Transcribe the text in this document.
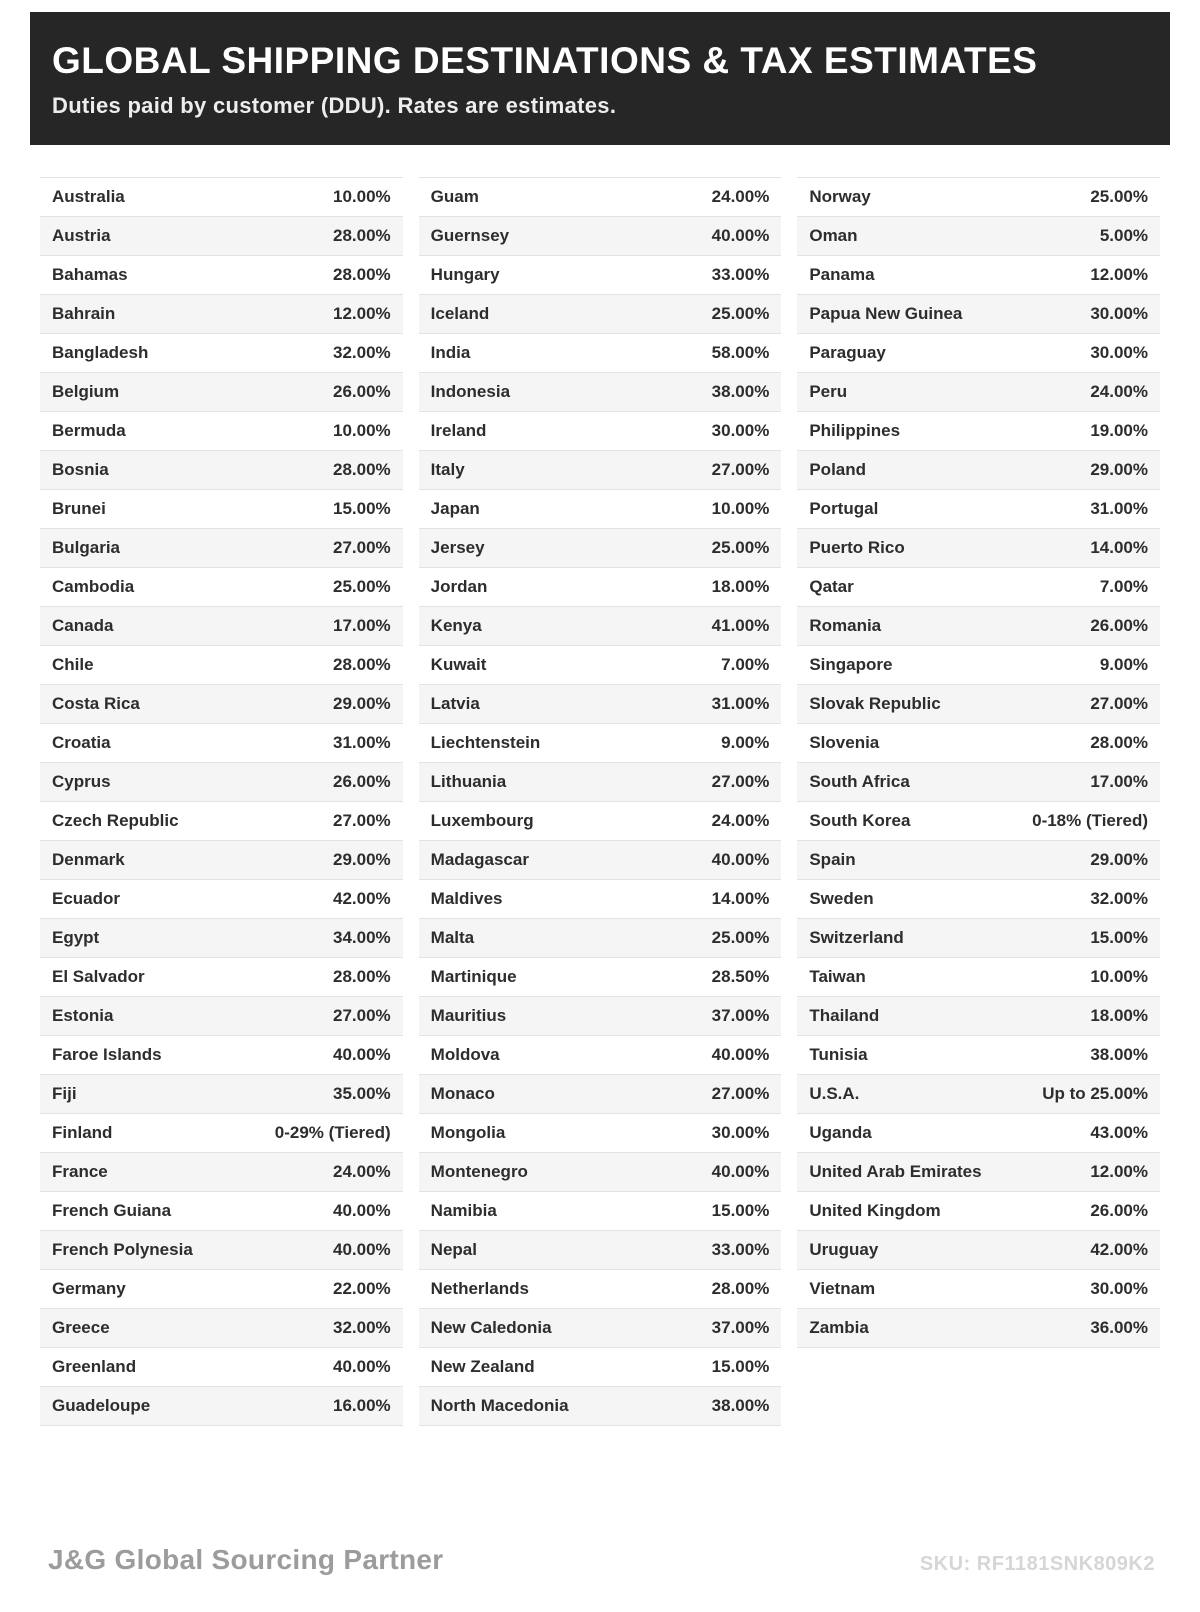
GLOBAL SHIPPING DESTINATIONS & TAX ESTIMATES
Duties paid by customer (DDU). Rates are estimates.
Australia	10.00%
Austria	28.00%
Bahamas	28.00%
Bahrain	12.00%
Bangladesh	32.00%
Belgium	26.00%
Bermuda	10.00%
Bosnia	28.00%
Brunei	15.00%
Bulgaria	27.00%
Cambodia	25.00%
Canada	17.00%
Chile	28.00%
Costa Rica	29.00%
Croatia	31.00%
Cyprus	26.00%
Czech Republic	27.00%
Denmark	29.00%
Ecuador	42.00%
Egypt	34.00%
El Salvador	28.00%
Estonia	27.00%
Faroe Islands	40.00%
Fiji	35.00%
Finland	0-29% (Tiered)
France	24.00%
French Guiana	40.00%
French Polynesia	40.00%
Germany	22.00%
Greece	32.00%
Greenland	40.00%
Guadeloupe	16.00%
Guam	24.00%
Guernsey	40.00%
Hungary	33.00%
Iceland	25.00%
India	58.00%
Indonesia	38.00%
Ireland	30.00%
Italy	27.00%
Japan	10.00%
Jersey	25.00%
Jordan	18.00%
Kenya	41.00%
Kuwait	7.00%
Latvia	31.00%
Liechtenstein	9.00%
Lithuania	27.00%
Luxembourg	24.00%
Madagascar	40.00%
Maldives	14.00%
Malta	25.00%
Martinique	28.50%
Mauritius	37.00%
Moldova	40.00%
Monaco	27.00%
Mongolia	30.00%
Montenegro	40.00%
Namibia	15.00%
Nepal	33.00%
Netherlands	28.00%
New Caledonia	37.00%
New Zealand	15.00%
North Macedonia	38.00%
Norway	25.00%
Oman	5.00%
Panama	12.00%
Papua New Guinea	30.00%
Paraguay	30.00%
Peru	24.00%
Philippines	19.00%
Poland	29.00%
Portugal	31.00%
Puerto Rico	14.00%
Qatar	7.00%
Romania	26.00%
Singapore	9.00%
Slovak Republic	27.00%
Slovenia	28.00%
South Africa	17.00%
South Korea	0-18% (Tiered)
Spain	29.00%
Sweden	32.00%
Switzerland	15.00%
Taiwan	10.00%
Thailand	18.00%
Tunisia	38.00%
U.S.A.	Up to 25.00%
Uganda	43.00%
United Arab Emirates	12.00%
United Kingdom	26.00%
Uruguay	42.00%
Vietnam	30.00%
Zambia	36.00%
J&G Global Sourcing Partner	SKU: RF1181SNK809K2
